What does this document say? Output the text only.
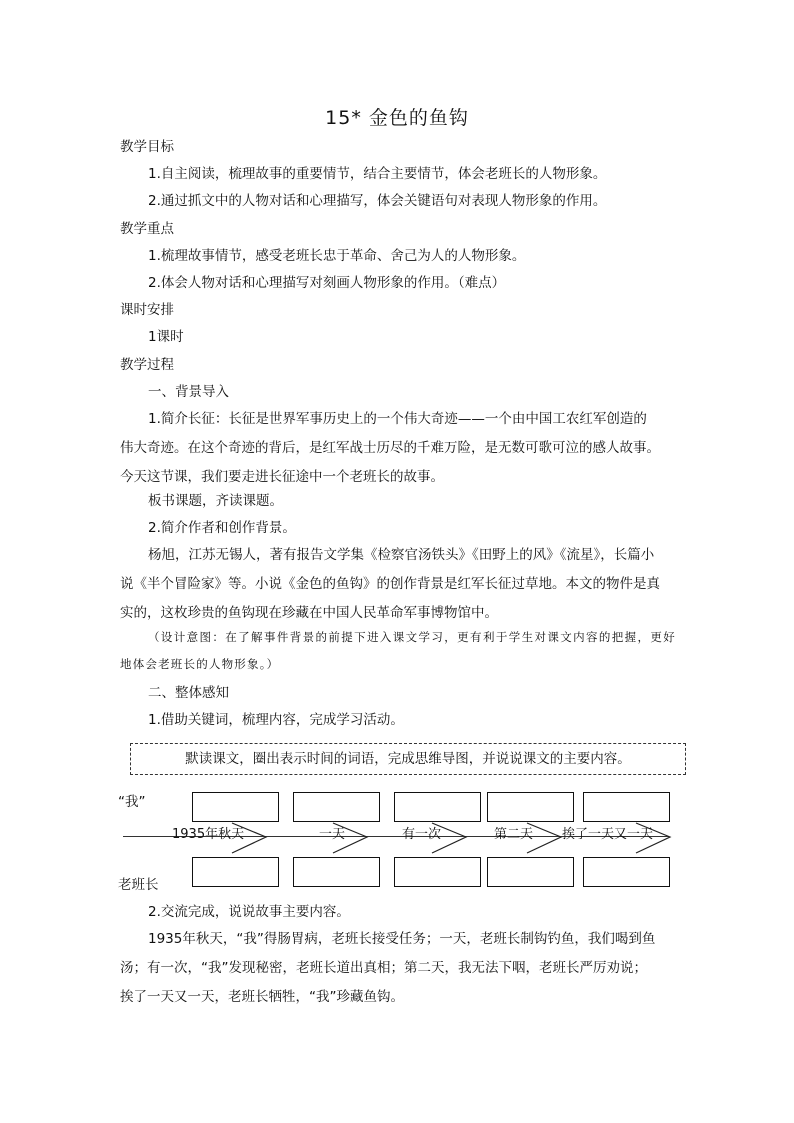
15* 金色的鱼钩
教学目标
1.自主阅读，梳理故事的重要情节，结合主要情节，体会老班长的人物形象。
2.通过抓文中的人物对话和心理描写，体会关键语句对表现人物形象的作用。
教学重点
1.梳理故事情节，感受老班长忠于革命、舍己为人的人物形象。
2.体会人物对话和心理描写对刻画人物形象的作用。（难点）
课时安排
1课时
教学过程
一、背景导入
1.简介长征：长征是世界军事历史上的一个伟大奇迹——一个由中国工农红军创造的伟大奇迹。在这个奇迹的背后，是红军战士历尽的千难万险，是无数可歌可泣的感人故事。今天这节课，我们要走进长征途中一个老班长的故事。
板书课题，齐读课题。
2.简介作者和创作背景。
杨旭，江苏无锡人，著有报告文学集《检察官汤铁头》《田野上的风》《流星》，长篇小说《半个冒险家》等。小说《金色的鱼钩》的创作背景是红军长征过草地。本文的物件是真实的，这枚珍贵的鱼钩现在珍藏在中国人民革命军事博物馆中。
（设计意图：在了解事件背景的前提下进入课文学习，更有利于学生对课文内容的把握，更好地体会老班长的人物形象。）
二、整体感知
1.借助关键词，梳理内容，完成学习活动。
默读课文，圈出表示时间的词语，完成思维导图，并说说课文的主要内容。
“我”
老班长
1935年秋天	一天	有一次	第二天 挨了一天又一天
2.交流完成，说说故事主要内容。
1935年秋天，“我”得肠胃病，老班长接受任务；一天，老班长制钩钓鱼，我们喝到鱼汤；有一次，“我”发现秘密，老班长道出真相；第二天，我无法下咽，老班长严厉劝说；挨了一天又一天，老班长牺牲，“我”珍藏鱼钩。
